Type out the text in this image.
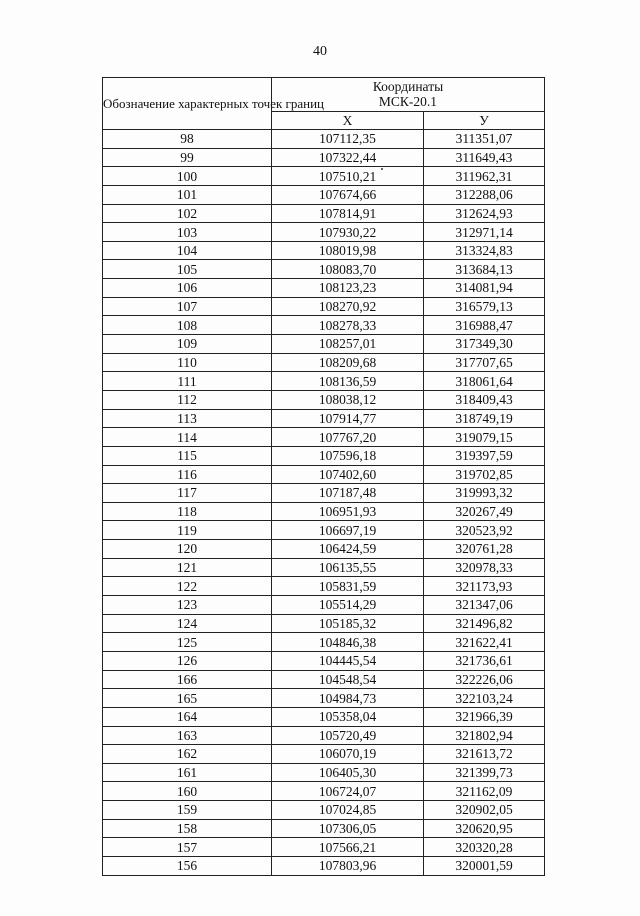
40
Обозначение характерных точек границ	Координаты
МСК-20.1	

	Х	У
98	107112,35	311351,07
99	107322,44	311649,43
100	107510,21	311962,31
101	107674,66	312288,06
102	107814,91	312624,93
103	107930,22	312971,14
104	108019,98	313324,83
105	108083,70	313684,13
106	108123,23	314081,94
107	108270,92	316579,13
108	108278,33	316988,47
109	108257,01	317349,30
110	108209,68	317707,65
111	108136,59	318061,64
112	108038,12	318409,43
113	107914,77	318749,19
114	107767,20	319079,15
115	107596,18	319397,59
116	107402,60	319702,85
117	107187,48	319993,32
118	106951,93	320267,49
119	106697,19	320523,92
120	106424,59	320761,28
121	106135,55	320978,33
122	105831,59	321173,93
123	105514,29	321347,06
124	105185,32	321496,82
125	104846,38	321622,41
126	104445,54	321736,61
166	104548,54	322226,06
165	104984,73	322103,24
164	105358,04	321966,39
163	105720,49	321802,94
162	106070,19	321613,72
161	106405,30	321399,73
160	106724,07	321162,09
159	107024,85	320902,05
158	107306,05	320620,95
157	107566,21	320320,28
156	107803,96	320001,59
